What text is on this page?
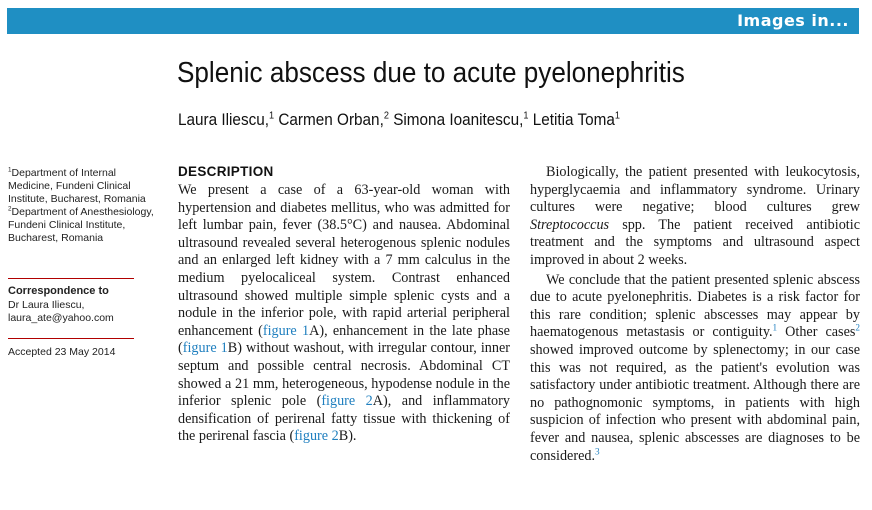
Images in...
Splenic abscess due to acute pyelonephritis
Laura Iliescu,$^1$ Carmen Orban,$^2$ Simona Ioanitescu,$^1$ Letitia Toma$^1$
$^1$Department of Internal Medicine, Fundeni Clinical Institute, Bucharest, Romania
$^2$Department of Anesthesiology, Fundeni Clinical Institute, Bucharest, Romania
Correspondence to
Dr Laura Iliescu,
laura_ate@yahoo.com
Accepted 23 May 2014
DESCRIPTION

We present a case of a 63-year-old woman with hypertension and diabetes mellitus, who was admitted for left lumbar pain, fever (38.5°C) and nausea. Abdominal ultrasound revealed several heterogenous splenic nodules and an enlarged left kidney with a 7 mm calculus in the medium pyelocaliceal system. Contrast enhanced ultrasound showed multiple simple splenic cysts and a nodule in the inferior pole, with rapid arterial peripheral enhancement (figure 1A), enhancement in the late phase (figure 1B) without washout, with irregular contour, inner septum and possible central necrosis. Abdominal CT showed a 21 mm, heterogeneous, hypodense nodule in the inferior splenic pole (figure 2A), and inflammatory densification of perirenal fatty tissue with thickening of the perirenal fascia (figure 2B).

Biologically, the patient presented with leukocytosis, hyperglycaemia and inflammatory syndrome. Urinary cultures were negative; blood cultures grew Streptococcus spp. The patient received antibiotic treatment and the symptoms and ultrasound aspect improved in about 2 weeks.

We conclude that the patient presented splenic abscess due to acute pyelonephritis. Diabetes is a risk factor for this rare condition; splenic abscesses may appear by haematogenous metastasis or contiguity.$^1$ Other cases$^2$ showed improved outcome by splenectomy; in our case this was not required, as the patient's evolution was satisfactory under antibiotic treatment. Although there are no pathognomonic symptoms, in patients with high suspicion of infection who present with abdominal pain, fever and nausea, splenic abscesses are diagnoses to be considered.$^3$
